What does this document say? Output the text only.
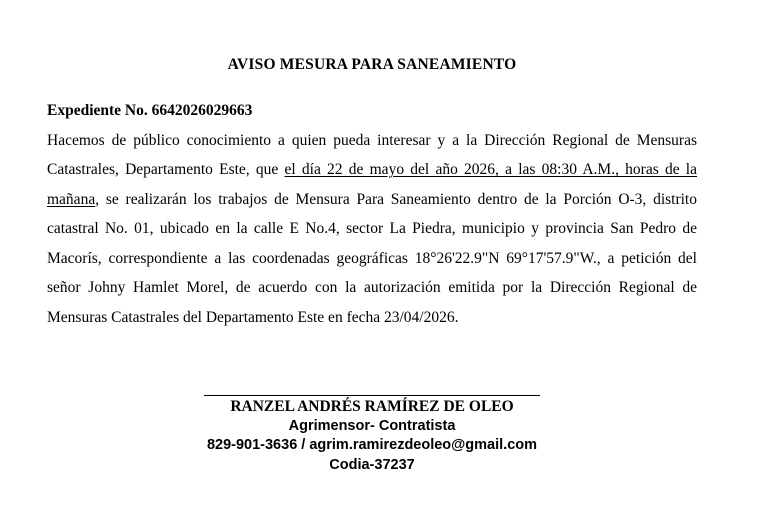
AVISO MESURA PARA SANEAMIENTO
Expediente No. 6642026029663
Hacemos de público conocimiento a quien pueda interesar y a la Dirección Regional de Mensuras Catastrales, Departamento Este, que el día 22 de mayo del año 2026, a las 08:30 A.M., horas de la mañana, se realizarán los trabajos de Mensura Para Saneamiento dentro de la Porción O-3, distrito catastral No. 01, ubicado en la calle E No.4, sector La Piedra, municipio y provincia San Pedro de Macorís, correspondiente a las coordenadas geográficas 18°26'22.9"N 69°17'57.9"W., a petición del señor Johny Hamlet Morel, de acuerdo con la autorización emitida por la Dirección Regional de Mensuras Catastrales del Departamento Este en fecha 23/04/2026.
RANZEL ANDRÉS RAMÍREZ DE OLEO
Agrimensor- Contratista
829-901-3636 / agrim.ramirezdeoleo@gmail.com
Codia-37237
